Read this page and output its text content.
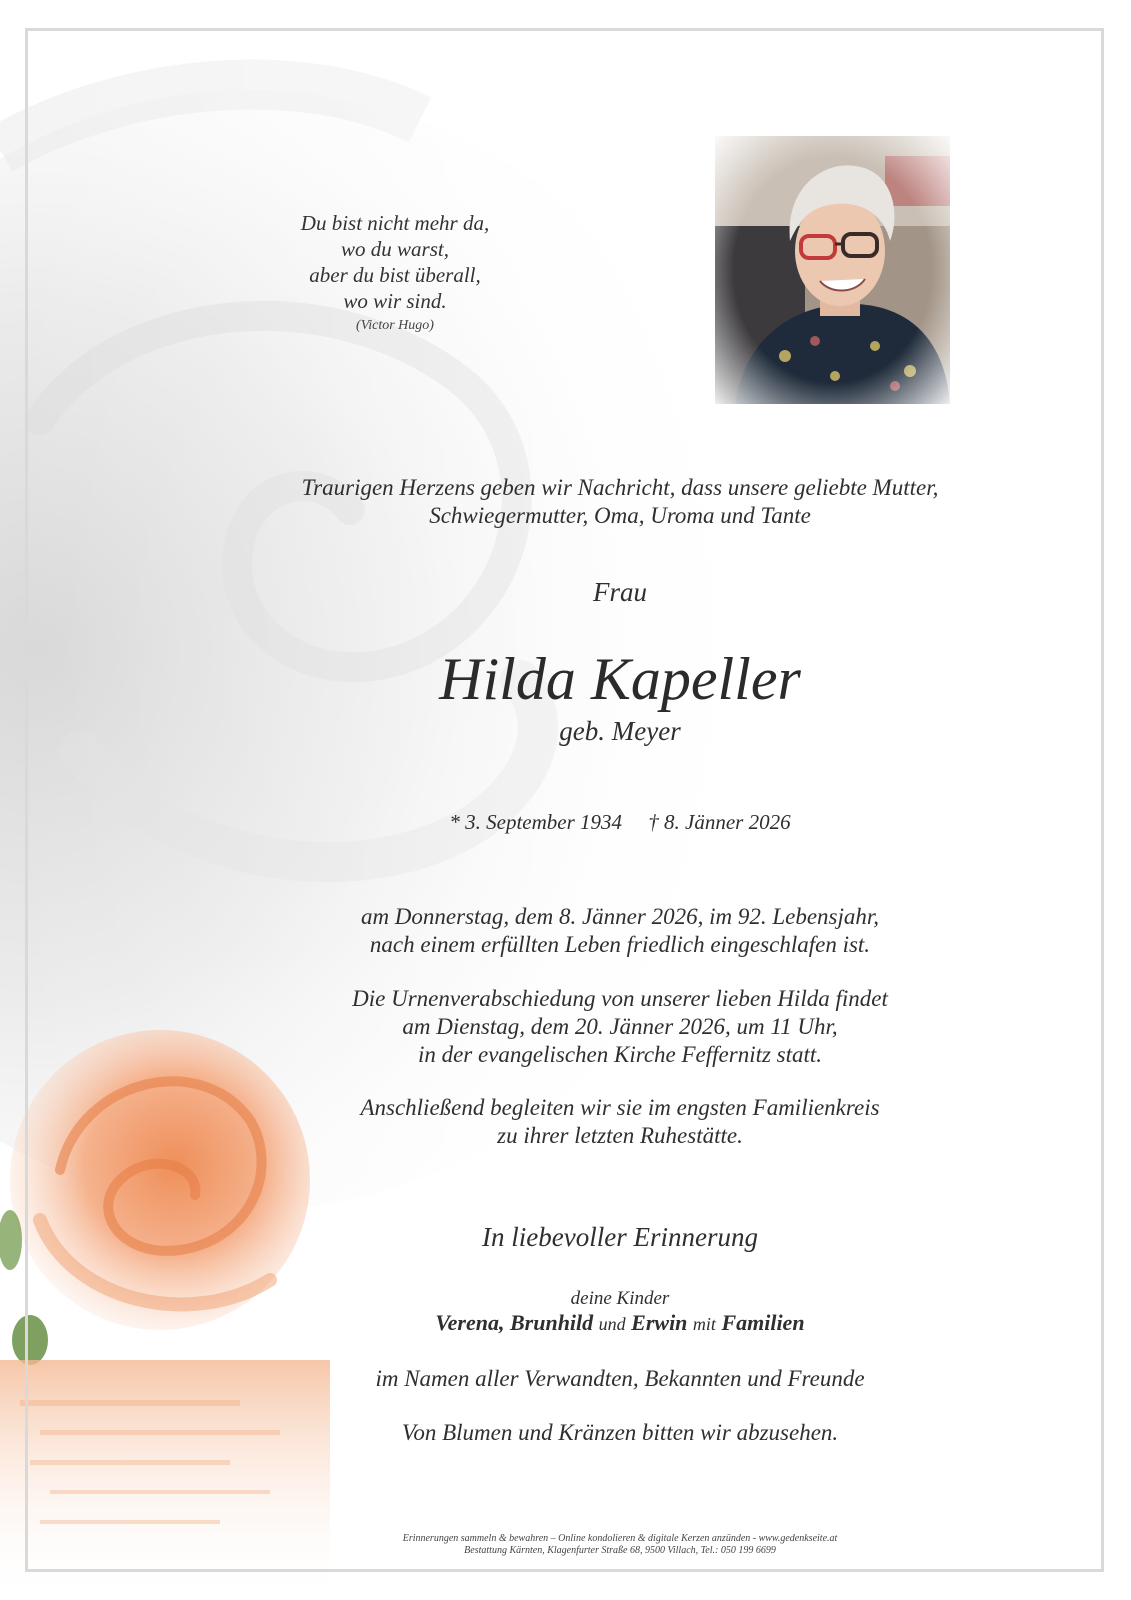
Du bist nicht mehr da,
wo du warst,
aber du bist überall,
wo wir sind.
(Victor Hugo)
Traurigen Herzens geben wir Nachricht, dass unsere geliebte Mutter,
Schwiegermutter, Oma, Uroma und Tante
Frau
Hilda Kapeller
geb. Meyer
* 3. September 1934 † 8. Jänner 2026
am Donnerstag, dem 8. Jänner 2026, im 92. Lebensjahr,
nach einem erfüllten Leben friedlich eingeschlafen ist.
Die Urnenverabschiedung von unserer lieben Hilda findet
am Dienstag, dem 20. Jänner 2026, um 11 Uhr,
in der evangelischen Kirche Feffernitz statt.
Anschließend begleiten wir sie im engsten Familienkreis
zu ihrer letzten Ruhestätte.
In liebevoller Erinnerung
deine Kinder
Verena, Brunhild und Erwin mit Familien
im Namen aller Verwandten, Bekannten und Freunde
Von Blumen und Kränzen bitten wir abzusehen.
Erinnerungen sammeln & bewahren – Online kondolieren & digitale Kerzen anzünden - www.gedenkseite.at
Bestattung Kärnten, Klagenfurter Straße 68, 9500 Villach, Tel.: 050 199 6699
